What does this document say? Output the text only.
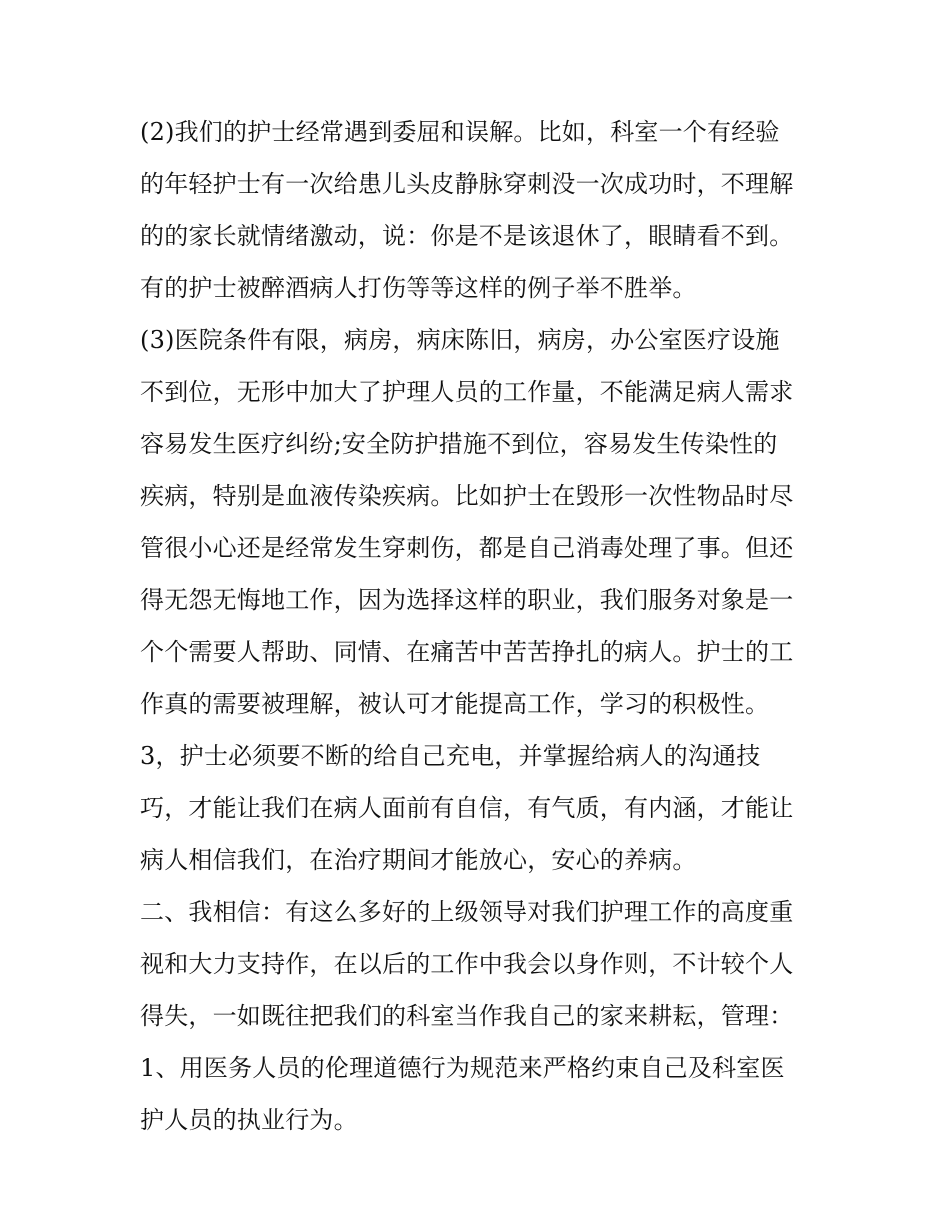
(2)我们的护士经常遇到委屈和误解。比如，科室一个有经验
的年轻护士有一次给患儿头皮静脉穿刺没一次成功时，不理解
的的家长就情绪激动，说：你是不是该退休了，眼睛看不到。
有的护士被醉酒病人打伤等等这样的例子举不胜举。
(3)医院条件有限，病房，病床陈旧，病房，办公室医疗设施
不到位，无形中加大了护理人员的工作量，不能满足病人需求
容易发生医疗纠纷;安全防护措施不到位，容易发生传染性的
疾病，特别是血液传染疾病。比如护士在毁形一次性物品时尽
管很小心还是经常发生穿刺伤，都是自己消毒处理了事。但还
得无怨无悔地工作，因为选择这样的职业，我们服务对象是一
个个需要人帮助、同情、在痛苦中苦苦挣扎的病人。护士的工
作真的需要被理解，被认可才能提高工作，学习的积极性。
3，护士必须要不断的给自己充电，并掌握给病人的沟通技
巧，才能让我们在病人面前有自信，有气质，有内涵，才能让
病人相信我们，在治疗期间才能放心，安心的养病。
二、我相信：有这么多好的上级领导对我们护理工作的高度重
视和大力支持作，在以后的工作中我会以身作则，不计较个人
得失，一如既往把我们的科室当作我自己的家来耕耘，管理：
1、用医务人员的伦理道德行为规范来严格约束自己及科室医
护人员的执业行为。
